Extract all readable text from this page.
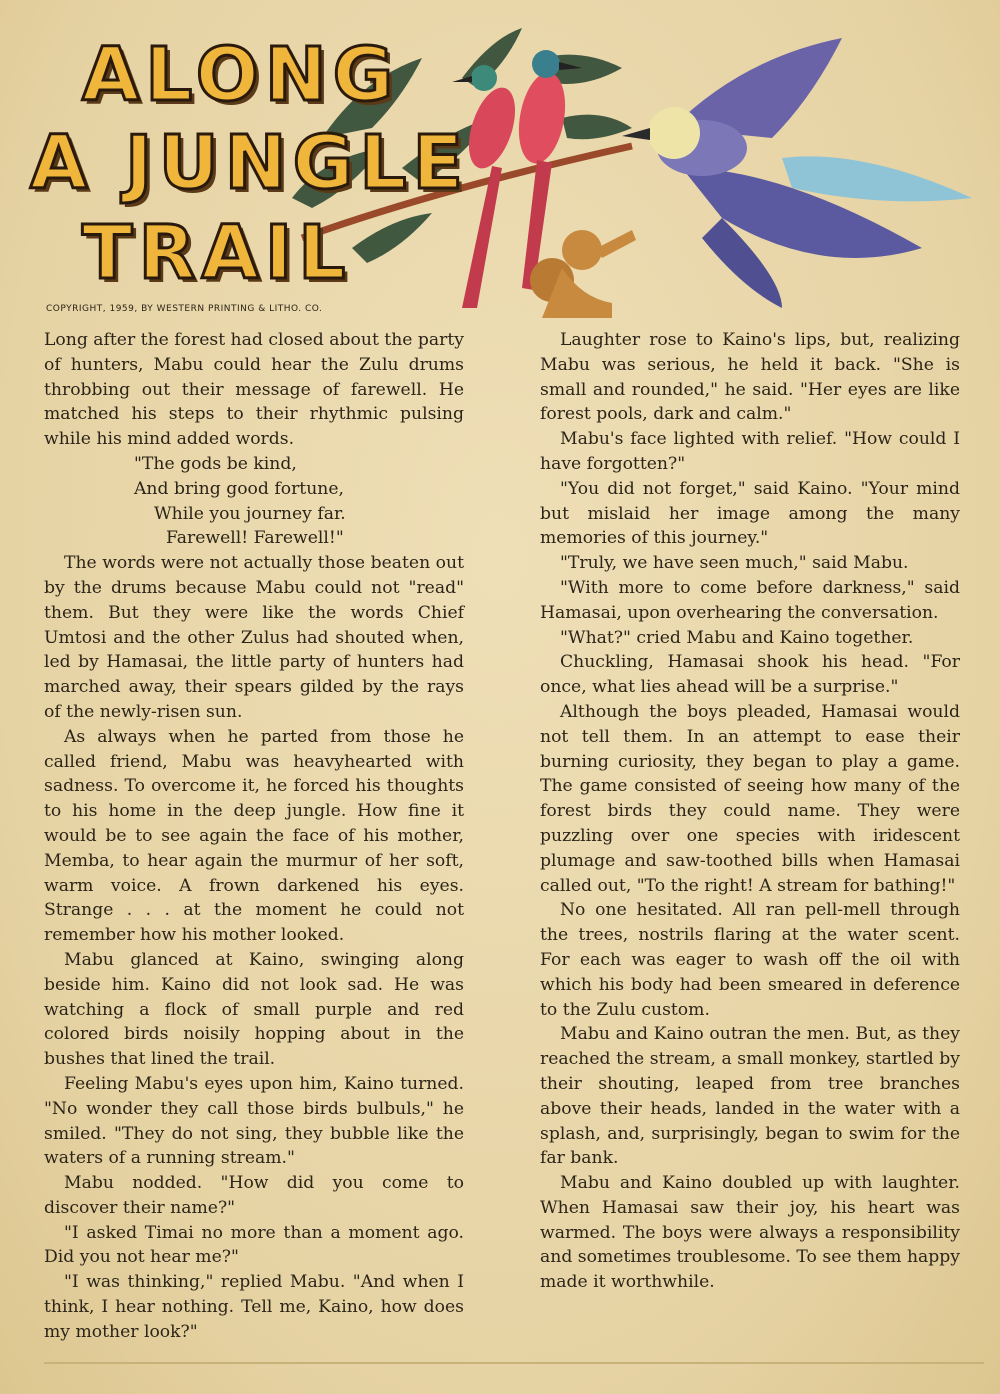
ALONG
A JUNGLE
TRAIL
COPYRIGHT, 1959, BY WESTERN PRINTING & LITHO. CO.

Long after the forest had closed about the party of hunters, Mabu could hear the Zulu drums throbbing out their message of farewell. He matched his steps to their rhythmic pulsing while his mind added words.

"The gods be kind,
And bring good fortune,
While you journey far.
Farewell! Farewell!"

The words were not actually those beaten out by the drums because Mabu could not "read" them. But they were like the words Chief Umtosi and the other Zulus had shouted when, led by Hamasai, the little party of hunters had marched away, their spears gilded by the rays of the newly-risen sun.

As always when he parted from those he called friend, Mabu was heavyhearted with sadness. To overcome it, he forced his thoughts to his home in the deep jungle. How fine it would be to see again the face of his mother, Memba, to hear again the murmur of her soft, warm voice. A frown darkened his eyes. Strange . . . at the moment he could not remember how his mother looked.

Mabu glanced at Kaino, swinging along beside him. Kaino did not look sad. He was watching a flock of small purple and red colored birds noisily hopping about in the bushes that lined the trail.

Feeling Mabu's eyes upon him, Kaino turned. "No wonder they call those birds bulbuls," he smiled. "They do not sing, they bubble like the waters of a running stream."

Mabu nodded. "How did you come to discover their name?"

"I asked Timai no more than a moment ago. Did you not hear me?"

"I was thinking," replied Mabu. "And when I think, I hear nothing. Tell me, Kaino, how does my mother look?"

Laughter rose to Kaino's lips, but, realizing Mabu was serious, he held it back. "She is small and rounded," he said. "Her eyes are like forest pools, dark and calm."

Mabu's face lighted with relief. "How could I have forgotten?"

"You did not forget," said Kaino. "Your mind but mislaid her image among the many memories of this journey."

"Truly, we have seen much," said Mabu.

"With more to come before darkness," said Hamasai, upon overhearing the conversation.

"What?" cried Mabu and Kaino together.

Chuckling, Hamasai shook his head. "For once, what lies ahead will be a surprise."

Although the boys pleaded, Hamasai would not tell them. In an attempt to ease their burning curiosity, they began to play a game. The game consisted of seeing how many of the forest birds they could name. They were puzzling over one species with iridescent plumage and saw-toothed bills when Hamasai called out, "To the right! A stream for bathing!"

No one hesitated. All ran pell-mell through the trees, nostrils flaring at the water scent. For each was eager to wash off the oil with which his body had been smeared in deference to the Zulu custom.

Mabu and Kaino outran the men. But, as they reached the stream, a small monkey, startled by their shouting, leaped from tree branches above their heads, landed in the water with a splash, and, surprisingly, began to swim for the far bank.

Mabu and Kaino doubled up with laughter. When Hamasai saw their joy, his heart was warmed. The boys were always a responsibility and sometimes troublesome. To see them happy made it worthwhile.
